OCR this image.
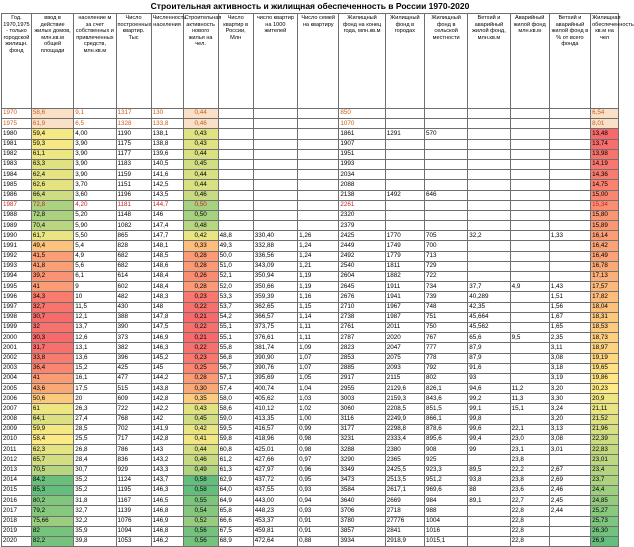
Строительная активность и жилищная обеспеченность в России 1970-2020
Год. 1970,1975 - только городской жилищн. фонд	ввод в действие жилых домов, млн.кв.м общей площади	население м за счет собственных и привлеченных средств, млн.кв.м	Число построенных квартир. Тыс	Численность населения	Строительная активность нового жилья на чел.	Число квартир в России, Млн	число квартир на 1000 жителей	Число семей на квартиру	Жилищный фонд на конец года, млн.кв.м	Жилищный фонд в городах	Жилищный фонд в сельской местности	Ветхий и аварийный жилой фонд, млн.кв.м	Аварийный жилой фонд млн.кв.м	Ветхий и аварийный жилой фонд в % от всего фонда	Жилищная обеспеченность кв.м на чел
1970	58,6	9,1	1317	130	0,44				850						6,54
1975	61,9	6,5	1328	133,8	0,46				1070						8,01
1980	59,4	4,00	1190	138,1	0,43				1861	1291	570				13,48
1981	59,3	3,90	1175	138,8	0,43				1907						13,74
1982	61,1	3,90	1177	139,6	0,44				1951						13,98
1983	63,3	3,90	1183	140,5	0,45				1993						14,19
1984	62,4	3,90	1159	141,6	0,44				2034						14,36
1985	62,6	3,70	1151	142,5	0,44				2088						14,75
1986	66,4	3,60	1196	143,5	0,46				2138	1492	646				15,00
1987	72,8	4,20	1181	144,7	0,50				2261						15,34
1988	72,8	5,20	1148	146	0,50				2320						15,80
1989	70,4	5,90	1082	147,4	0,48				2379						15,89
1990	61,7	5,50	865	147,7	0,42	48,8	330,40	1,26	2425	1770	705	32,2		1,33	16,14
1991	49,4	5,4	828	148,1	0,33	49,3	332,88	1,24	2449	1749	700				16,42
1992	41,5	4,9	682	148,5	0,28	50,0	336,56	1,24	2492	1779	713				16,49
1993	41,8	5,6	682	148,6	0,28	51,0	343,09	1,21	2540	1811	729				16,78
1994	39,2	6,1	614	148,4	0,26	52,1	350,94	1,19	2604	1882	722				17,13
1995	41	9	602	148,4	0,28	52,0	350,66	1,19	2645	1911	734	37,7	4,9	1,43	17,57
1996	34,3	10	482	148,3	0,23	53,3	359,39	1,16	2676	1941	739	40,289		1,51	17,82
1997	32,7	11,5	430	148	0,22	53,7	362,65	1,15	2710	1967	748	42,35		1,56	18,04
1998	30,7	12,1	388	147,8	0,21	54,2	366,57	1,14	2738	1987	751	45,664		1,67	18,31
1999	32	13,7	390	147,5	0,22	55,1	373,75	1,11	2761	2011	750	45,562		1,65	18,53
2000	30,3	12,6	373	146,9	0,21	55,1	376,61	1,11	2787	2020	767	65,6	9,5	2,35	18,73
2001	31,7	13,1	382	146,3	0,22	55,8	381,74	1,09	2823	2047	777	87,9		3,11	18,97
2002	33,8	13,6	396	145,2	0,23	56,8	390,90	1,07	2853	2075	778	87,9		3,08	19,19
2003	36,4	15,2	425	145	0,25	56,7	390,76	1,07	2885	2093	792	91,6		3,18	19,65
2004	41	16,1	477	144,2	0,28	57,1	395,69	1,05	2917	2115	802	93		3,19	19,86
2005	43,6	17,5	515	143,8	0,30	57,4	400,74	1,04	2955	2129,6	826,1	94,6	11,2	3,20	20,23
2006	50,6	20	609	142,8	0,35	58,0	405,62	1,03	3003	2159,3	843,6	99,2	11,3	3,30	20,9
2007	61	26,3	722	142,2	0,43	58,6	410,12	1,02	3060	2208,5	851,5	99,1	15,1	3,24	21,11
2008	64,1	27,4	768	142	0,45	59,0	413,35	1,00	3116	2249,9	866,1	99,8		3,20	21,52
2009	59,9	28,5	702	141,9	0,42	59,5	416,57	0,99	3177	2298,8	878,6	99,6	22,1	3,13	21,96
2010	58,4	25,5	717	142,8	0,41	59,8	418,96	0,98	3231	2333,4	895,6	99,4	23,0	3,08	22,39
2011	62,3	26,8	786	143	0,44	60,8	425,01	0,98	3288	2380	908	99	23,1	3,01	22,83
2012	65,7	28,4	836	143,2	0,46	61,2	427,66	0,97	3290	2365	925		23,8		23,01
2013	70,5	30,7	929	143,3	0,49	61,3	427,97	0,96	3349	2425,5	923,3	89,5	22,2	2,67	23,4
2014	84,2	35,2	1124	143,7	0,58	62,9	437,72	0,95	3473	2513,5	951,2	93,8	23,8	2,69	23,7
2015	85,3	35,2	1195	146,3	0,58	64,0	437,55	0,93	3584	2617,1	969,6	88	23,6	2,46	24,4
2016	80,2	31,8	1167	146,5	0,55	64,9	443,00	0,94	3640	2669	984	89,1	22,7	2,45	24,85
2017	79,2	32,7	1139	146,8	0,54	65,8	448,23	0,93	3706	2718	988		22,8	2,44	25,27
2018	75,66	32,2	1076	146,9	0,52	66,6	453,37	0,91	3780	27776	1004		22,8		25,73
2019	82	35,9	1094	146,8	0,56	67,5	459,81	0,91	3857	2841	1016		22,8		26,30
2020	82,2	39,8	1053	146,2	0,56	68,9	472,64	0,88	3934	2918,9	1015,1		22,8		26,9
